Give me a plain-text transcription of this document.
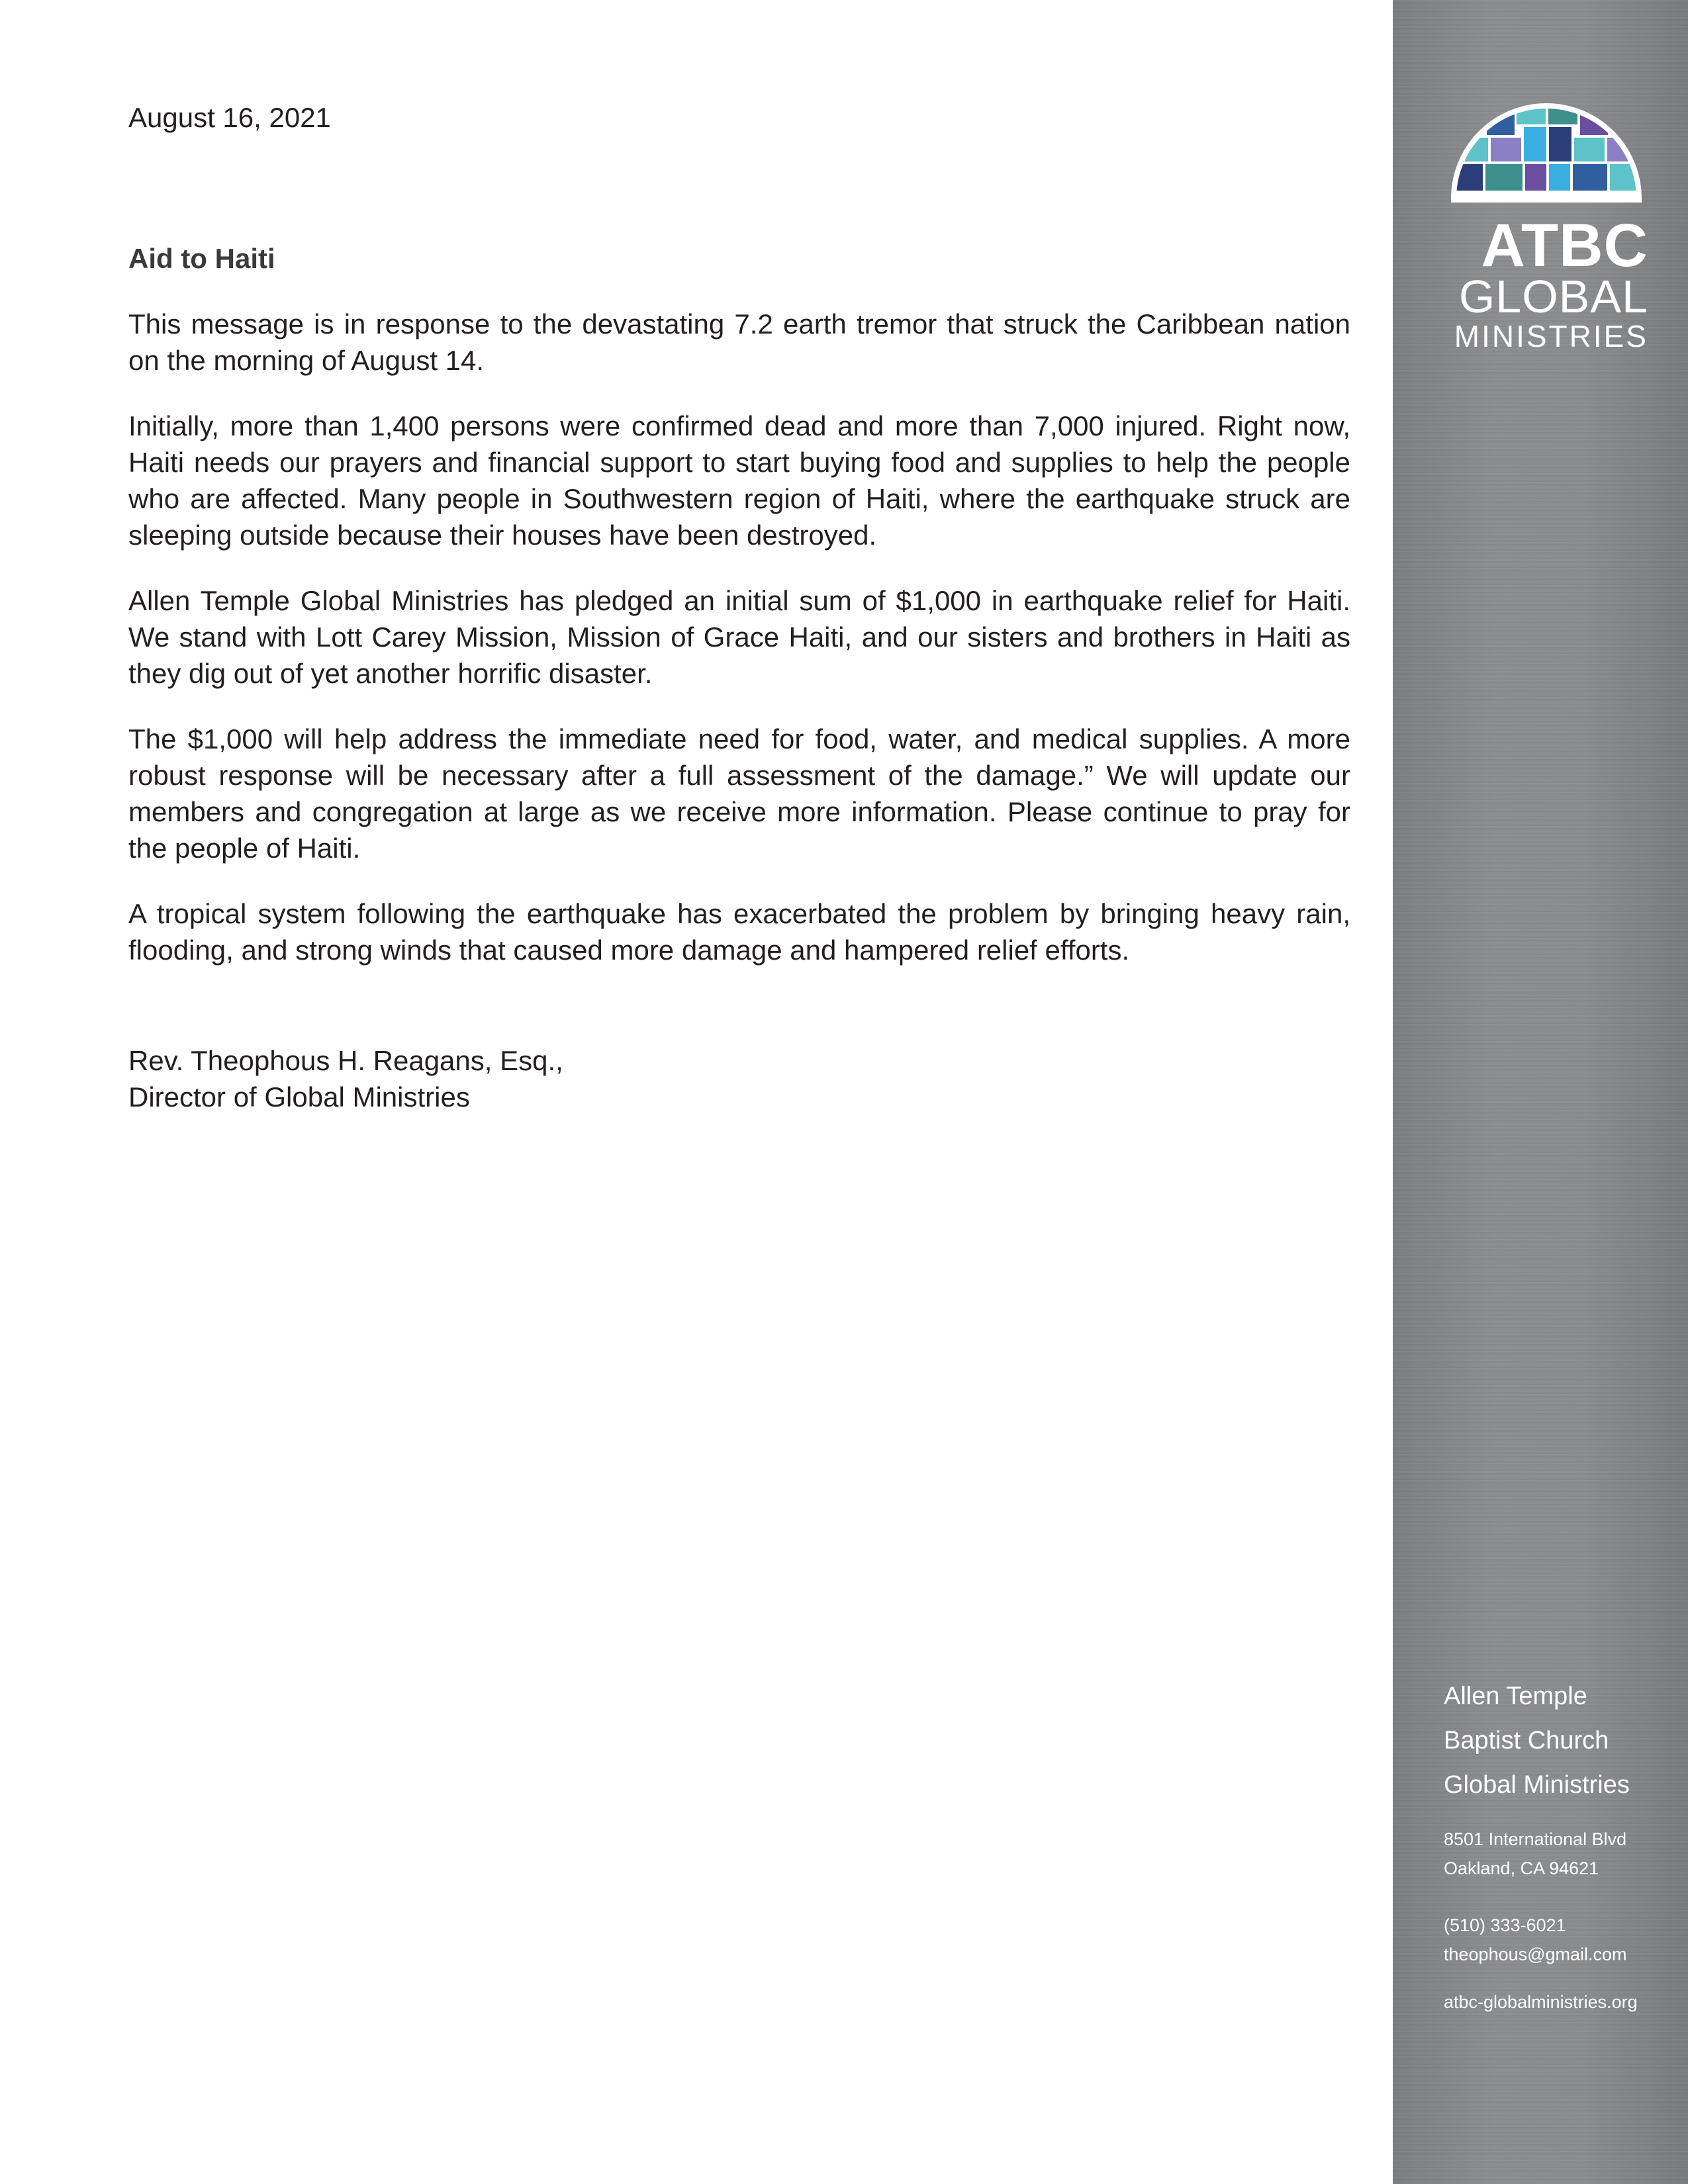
August 16, 2021

Aid to Haiti

This message is in response to the devastating 7.2 earth tremor that struck the Caribbean nation on the morning of August 14.

Initially, more than 1,400 persons were confirmed dead and more than 7,000 injured. Right now, Haiti needs our prayers and financial support to start buying food and supplies to help the people who are affected. Many people in Southwestern region of Haiti, where the earthquake struck are sleeping outside because their houses have been destroyed.

Allen Temple Global Ministries has pledged an initial sum of $1,000 in earthquake relief for Haiti. We stand with Lott Carey Mission, Mission of Grace Haiti, and our sisters and brothers in Haiti as they dig out of yet another horrific disaster.

The $1,000 will help address the immediate need for food, water, and medical supplies. A more robust response will be necessary after a full assessment of the damage.” We will update our members and congregation at large as we receive more information. Please continue to pray for the people of Haiti.

A tropical system following the earthquake has exacerbated the problem by bringing heavy rain, flooding, and strong winds that caused more damage and hampered relief efforts.

Rev. Theophous H. Reagans, Esq.,
Director of Global Ministries
ATBC
GLOBAL
MINISTRIES
Allen Temple
Baptist Church
Global Ministries
8501 International Blvd
Oakland, CA 94621
(510) 333-6021
theophous@gmail.com
atbc-globalministries.org
